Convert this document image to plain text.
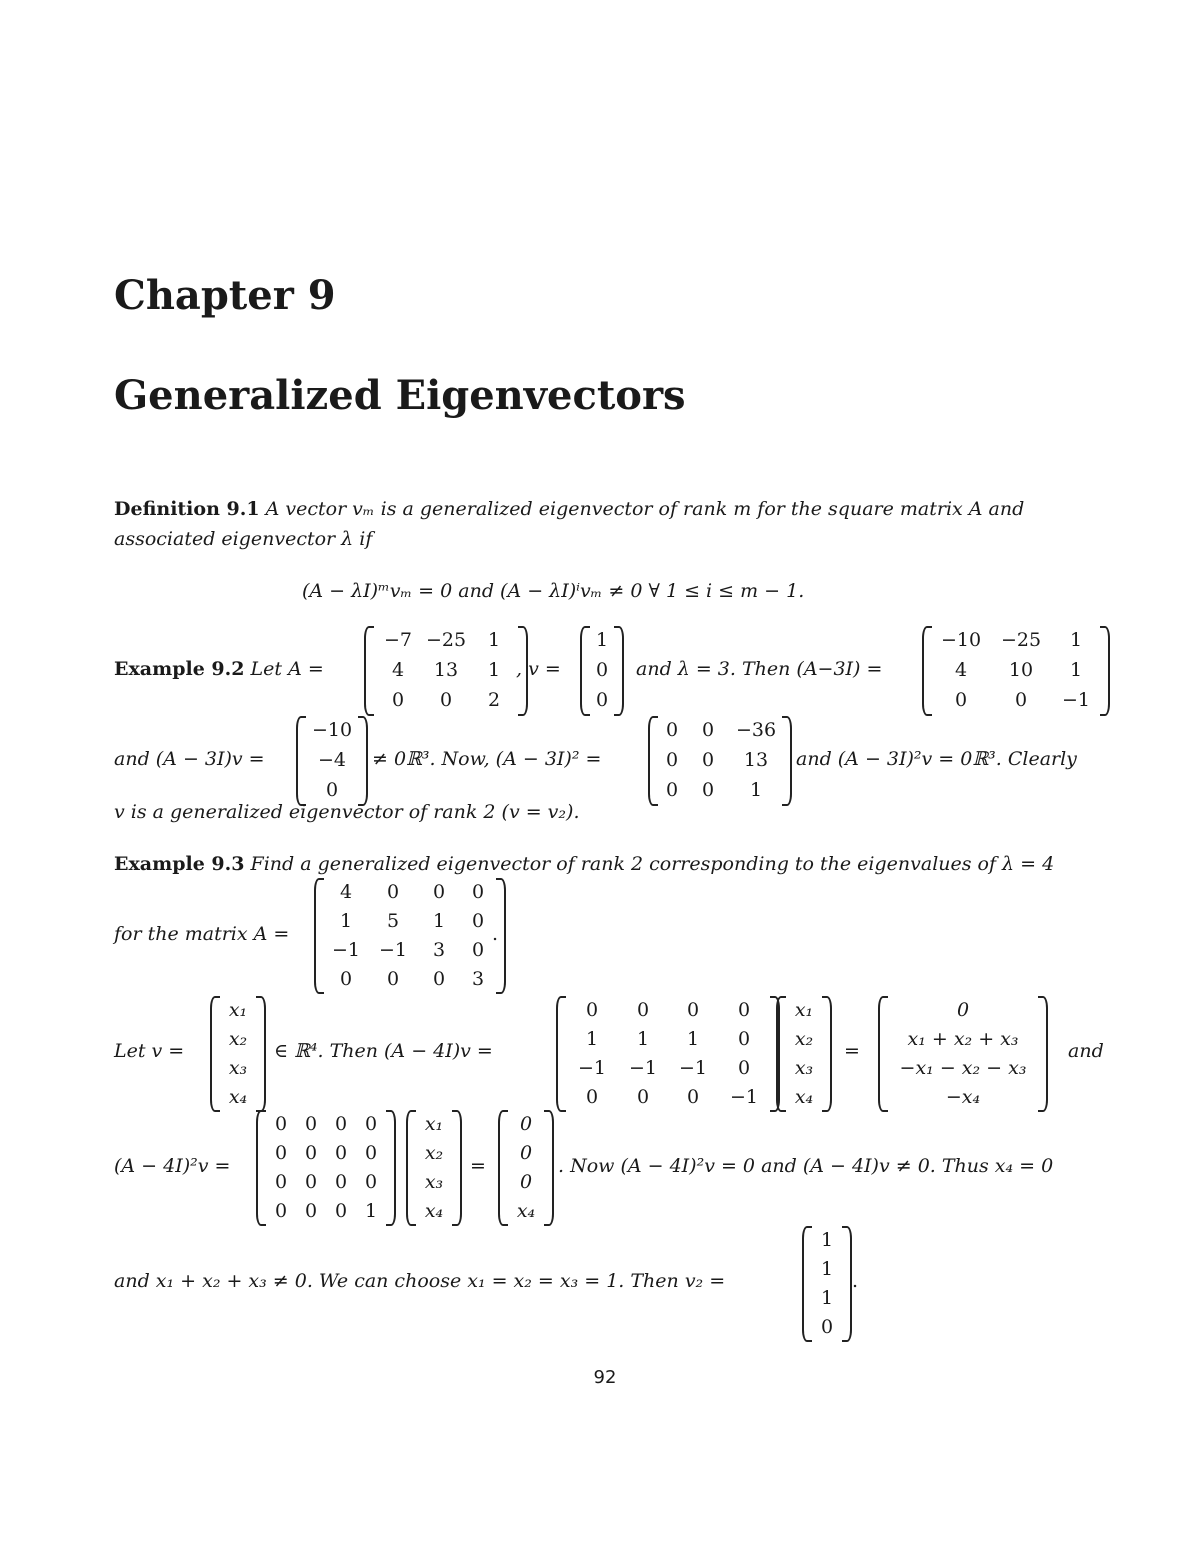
Chapter 9
Generalized Eigenvectors
Definition 9.1 A vector vₘ is a generalized eigenvector of rank m for the square matrix A and
associated eigenvector λ if
(A − λI)ᵐvₘ = 0 and (A − λI)ⁱvₘ ≠ 0 ∀ 1 ≤ i ≤ m − 1.
Example 9.2 Let A =
−7 −25	1
4	13	1
0	0	2
, v =
1
0
0
and λ = 3. Then (A−3I) =
−10	−25	1
4	10	1
0	0	−1
and (A − 3I)v =
−10
−4
0
≠ 0ℝ³. Now, (A − 3I)² =
0	0	−36
0	0	13
0	0	1
and (A − 3I)²v = 0ℝ³. Clearly
v is a generalized eigenvector of rank 2 (v = v₂).
Example 9.3 Find a generalized eigenvector of rank 2 corresponding to the eigenvalues of λ = 4
for the matrix A =
4	0	0	0
1	5	1	0
−1 −1	3	0
0	0	0	3
.
Let v =
x₁
x₂
x₃
x₄
∈ ℝ⁴. Then (A − 4I)v =
0	0	0	0
1	1	1	0
−1	−1	−1	0
0	0	0	−1
x₁
x₂
x₃
x₄
=
0
x₁ + x₂ + x₃
−x₁ − x₂ − x₃
−x₄
and
(A − 4I)²v =
0 0 0 0
0 0 0 0
0 0 0 0
0 0 0 1
x₁
x₂
x₃
x₄
=
0
0
0
x₄
. Now (A − 4I)²v = 0 and (A − 4I)v ≠ 0. Thus x₄ = 0
and x₁ + x₂ + x₃ ≠ 0. We can choose x₁ = x₂ = x₃ = 1. Then v₂ =
1
1
1
0
.
92
